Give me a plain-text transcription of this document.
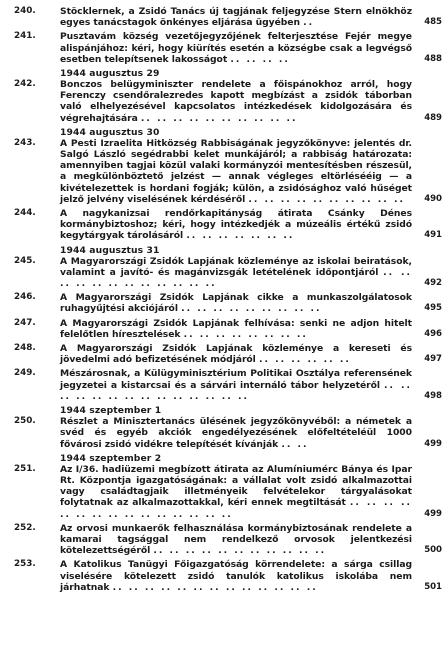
240.	Stöcklernek, a Zsidó Tanács új tagjának feljegyzése Stern elnökhöz egyes tanácstagok önkényes eljárása ügyében ..	485
241.	Pusztavám község vezetőjegyzőjének felterjesztése Fejér megye alispánjához: kéri, hogy kiürítés esetén a községbe csak a legvégső esetben telepítsenek lakosságot .. .. .. ..	488
1944 augusztus 29
242.	Bonczos belügyminiszter rendelete a főispánokhoz arról, hogy Ferenczy csendőralezredes kapott megbízást a zsidók táborban való elhelyezésével kapcsolatos intézkedések kidolgozására és végrehajtására .. .. .. .. .. .. .. .. .. ..	489
1944 augusztus 30
243.	A Pesti Izraelita Hitközség Rabbiságának jegyzőkönyve: jelentés dr. Salgó László segédrabbi kelet munkájáról; a rabbiság határozata: amennyiben tagjai közül valaki kormányzói mentesítésben részesül, a megkülönböztető jelzést — annak végleges eltörlésééig — a kivételezettek is hordani fogják; külön, a zsidósághoz való hűséget jelző jelvény viselésének kérdéséről .. .. .. .. .. .. .. .. .. ..	490
244.	A nagykanizsai rendőrkapitányság átirata Csánky Dénes kormánybiztoshoz; kéri, hogy intézkedjék a múzeális értékű zsidó kegytárgyak tárolásáról .. .. .. .. .. .. ..	491
1944 augusztus 31
245.	A Magyarországi Zsidók Lapjának közleménye az iskolai beiratások, valamint a javító- és magánvizsgák letételének időpontjáról .. .. .. .. .. .. .. .. .. .. .. ..	492
246.	A Magyarországi Zsidók Lapjának cikke a munkaszolgálatosok ruhagyűjtési akciójáról .. .. .. .. .. .. .. .. ..	495
247.	A Magyarországi Zsidók Lapjának felhívása: senki ne adjon hitelt felelőtlen híresztelések .. .. .. .. .. .. .. ..	496
248.	A Magyarországi Zsidók Lapjának közleménye a kereseti és jövedelmi adó befizetésének módjáról .. .. .. .. .. ..	497
249.	Mészárosnak, a Külügyminisztérium Politikai Osztálya referensének jegyzetei a kistarcsai és a sárvári internáló tábor helyzetéről .. .. .. .. .. .. .. .. .. .. .. .. .. ..	498
1944 szeptember 1
250.	Részlet a Minisztertanács ülésének jegyzőkönyvéből: a németek a svéd és egyéb akciók engedélyezésének előfeltételéül 1000 fővárosi zsidó vidékre telepítését kívánják .. ..	499
1944 szeptember 2
251.	Az I/36. hadiüzemi megbízott átirata az Alumíniumérc Bánya és Ipar Rt. Központja igazgatóságának: a vállalat volt zsidó alkalmazottai vagy családtagjaik illetményeik felvételekor tárgyalásokat folytatnak az alkalmazottakkal, kéri ennek megtiltását .. .. .. .. .. .. .. .. .. .. .. .. .. .. ..	499
252.	Az orvosi munkaerők felhasználása kormánybiztosának rendelete a kamarai tagsággal nem rendelkező orvosok jelentkezési kötelezettségéről .. .. .. .. .. .. .. .. .. .. ..	500
253.	A Katolikus Tanügyi Főigazgatóság körrendelete: a sárga csillag viselésére kötelezett zsidó tanulók katolikus iskolába nem járhatnak .. .. .. .. .. .. .. .. .. .. .. .. ..	501
